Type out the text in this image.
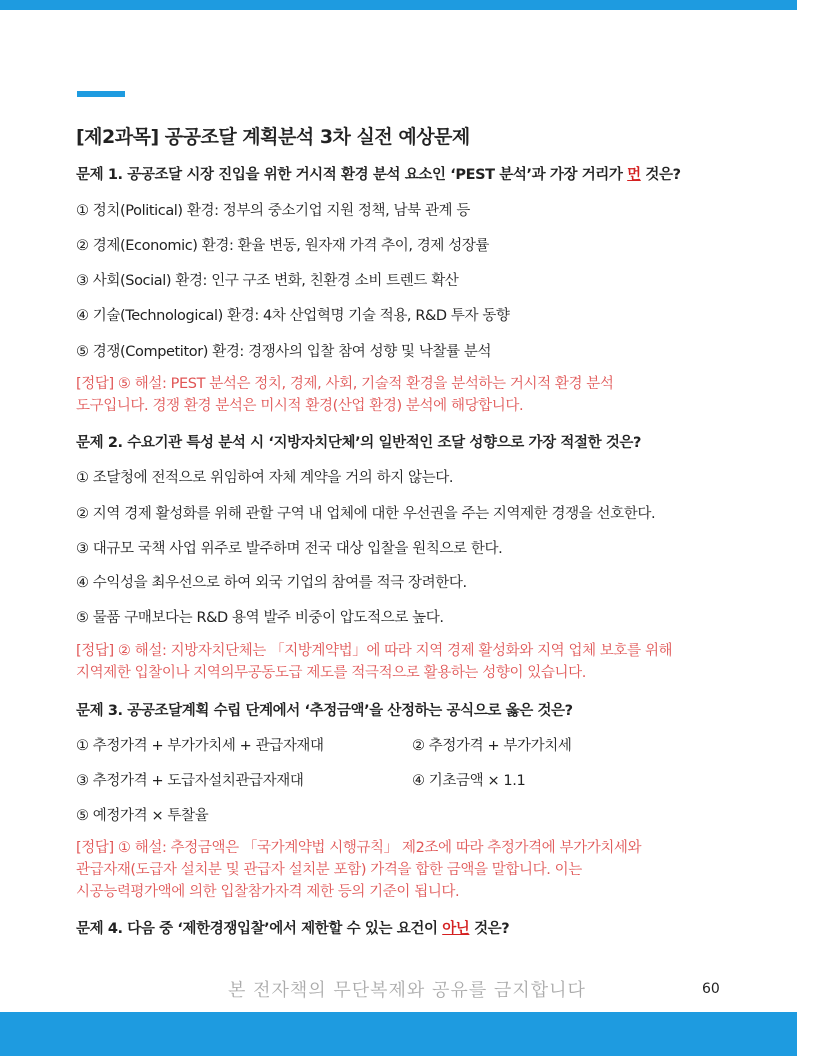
[제2과목] 공공조달 계획분석 3차 실전 예상문제
문제 1. 공공조달 시장 진입을 위한 거시적 환경 분석 요소인 ‘PEST 분석’과 가장 거리가 먼 것은?
① 정치(Political) 환경: 정부의 중소기업 지원 정책, 남북 관계 등
② 경제(Economic) 환경: 환율 변동, 원자재 가격 추이, 경제 성장률
③ 사회(Social) 환경: 인구 구조 변화, 친환경 소비 트렌드 확산
④ 기술(Technological) 환경: 4차 산업혁명 기술 적용, R&D 투자 동향
⑤ 경쟁(Competitor) 환경: 경쟁사의 입찰 참여 성향 및 낙찰률 분석
[정답] ⑤ 해설: PEST 분석은 정치, 경제, 사회, 기술적 환경을 분석하는 거시적 환경 분석
도구입니다. 경쟁 환경 분석은 미시적 환경(산업 환경) 분석에 해당합니다.
문제 2. 수요기관 특성 분석 시 ‘지방자치단체’의 일반적인 조달 성향으로 가장 적절한 것은?
① 조달청에 전적으로 위임하여 자체 계약을 거의 하지 않는다.
② 지역 경제 활성화를 위해 관할 구역 내 업체에 대한 우선권을 주는 지역제한 경쟁을 선호한다.
③ 대규모 국책 사업 위주로 발주하며 전국 대상 입찰을 원칙으로 한다.
④ 수익성을 최우선으로 하여 외국 기업의 참여를 적극 장려한다.
⑤ 물품 구매보다는 R&D 용역 발주 비중이 압도적으로 높다.
[정답] ② 해설: 지방자치단체는 「지방계약법」에 따라 지역 경제 활성화와 지역 업체 보호를 위해
지역제한 입찰이나 지역의무공동도급 제도를 적극적으로 활용하는 성향이 있습니다.
문제 3. 공공조달계획 수립 단계에서 ‘추정금액’을 산정하는 공식으로 옳은 것은?
① 추정가격 + 부가가치세 + 관급자재대	② 추정가격 + 부가가치세
③ 추정가격 + 도급자설치관급자재대	④ 기초금액 × 1.1
⑤ 예정가격 × 투찰율
[정답] ① 해설: 추정금액은 「국가계약법 시행규칙」 제2조에 따라 추정가격에 부가가치세와
관급자재(도급자 설치분 및 관급자 설치분 포함) 가격을 합한 금액을 말합니다. 이는
시공능력평가액에 의한 입찰참가자격 제한 등의 기준이 됩니다.
문제 4. 다음 중 ‘제한경쟁입찰’에서 제한할 수 있는 요건이 아닌 것은?
본 전자책의 무단복제와 공유를 금지합니다	60
